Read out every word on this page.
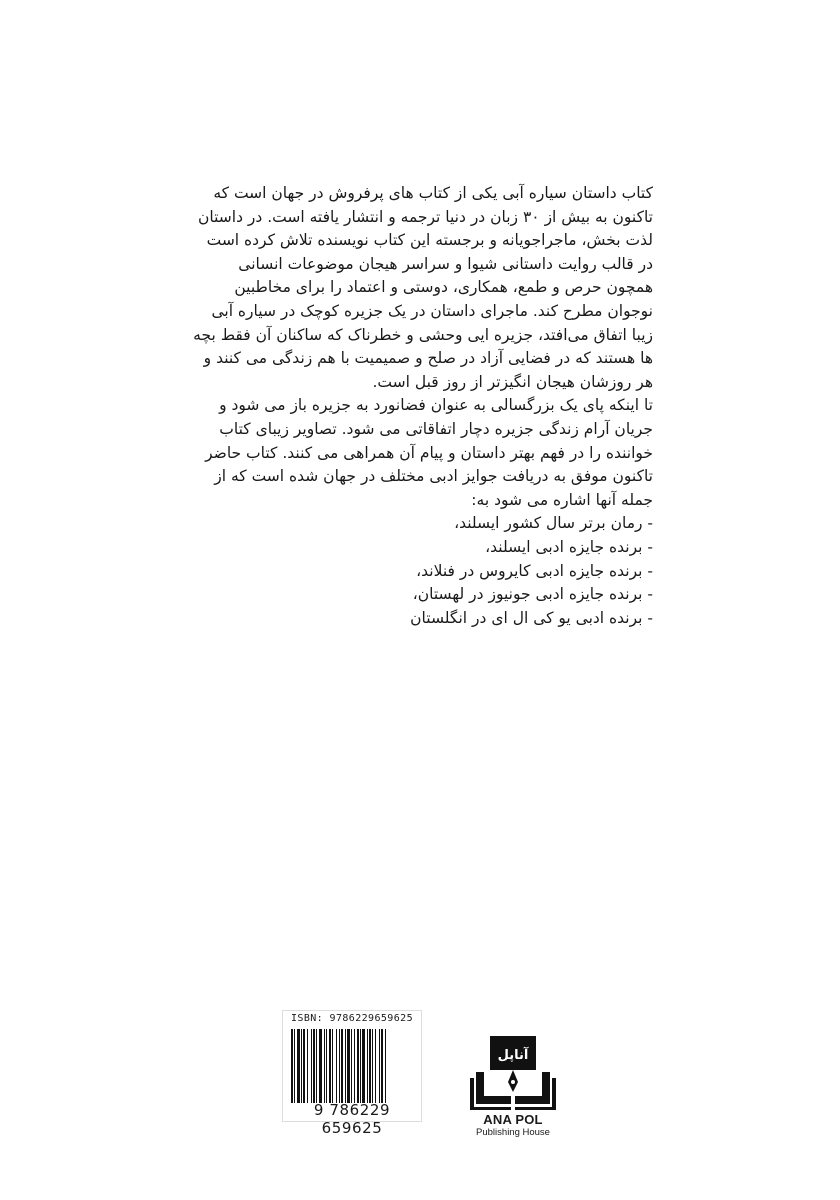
کتاب داستان سیاره آبی یکی از کتاب های پرفروش در جهان است که
تاکنون به بیش از ۳۰ زبان در دنیا ترجمه و انتشار یافته است. در داستان
لذت بخش، ماجراجویانه و برجسته این کتاب نویسنده تلاش کرده است
در قالب روایت داستانی شیوا و سراسر هیجان موضوعات انسانی
همچون حرص و طمع، همکاری، دوستی و اعتماد را برای مخاطبین
نوجوان مطرح کند. ماجرای داستان در یک جزیره کوچک در سیاره آبی
زیبا اتفاق می‌افتد، جزیره ایی وحشی و خطرناک که ساکنان آن فقط بچه
ها هستند که در فضایی آزاد در صلح و صمیمیت با هم زندگی می کنند و
هر روزشان هیجان انگیزتر از روز قبل است.
تا اینکه پای یک بزرگسالی به عنوان فضانورد به جزیره باز می شود و
جریان آرام زندگی جزیره دچار اتفاقاتی می شود. تصاویر زیبای کتاب
خواننده را در فهم بهتر داستان و پیام آن همراهی می کنند. کتاب حاضر
تاکنون موفق به دریافت جوایز ادبی مختلف در جهان شده است که از
جمله آنها اشاره می شود به:

- رمان برتر سال کشور ایسلند،
- برنده جایزه ادبی ایسلند،
- برنده جایزه ادبی کایروس در فنلاند،
- برنده جایزه ادبی جونیوز در لهستان،
- برنده ادبی یو کی ال ای در انگلستان
ISBN: 9786229659625
9 786229 659625
آناپل
ANA POL
Publishing House
